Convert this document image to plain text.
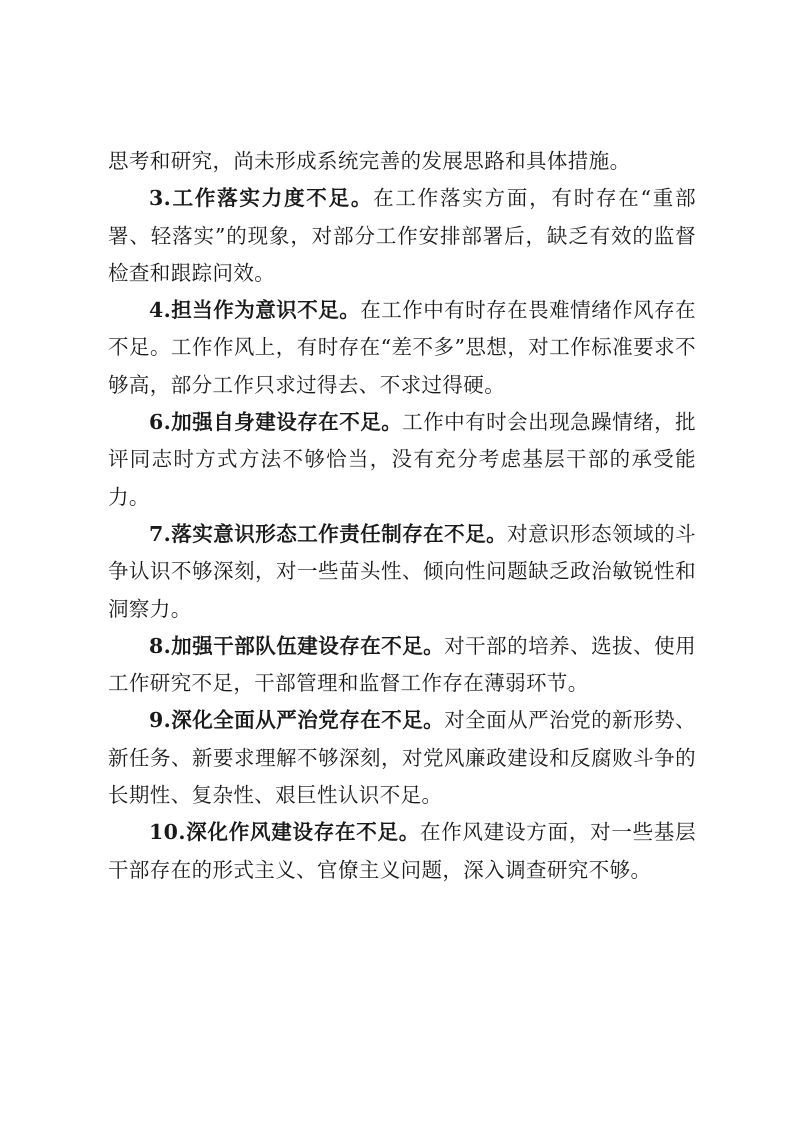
思考和研究，尚未形成系统完善的发展思路和具体措施。

3.工作落实力度不足。在工作落实方面，有时存在“重部署、轻落实”的现象，对部分工作安排部署后，缺乏有效的监督检查和跟踪问效。

4.担当作为意识不足。在工作中有时存在畏难情绪作风存在不足。工作作风上，有时存在“差不多”思想，对工作标准要求不够高，部分工作只求过得去、不求过得硬。

6.加强自身建设存在不足。工作中有时会出现急躁情绪，批评同志时方式方法不够恰当，没有充分考虑基层干部的承受能力。

7.落实意识形态工作责任制存在不足。对意识形态领域的斗争认识不够深刻，对一些苗头性、倾向性问题缺乏政治敏锐性和洞察力。

8.加强干部队伍建设存在不足。对干部的培养、选拔、使用工作研究不足，干部管理和监督工作存在薄弱环节。

9.深化全面从严治党存在不足。对全面从严治党的新形势、新任务、新要求理解不够深刻，对党风廉政建设和反腐败斗争的长期性、复杂性、艰巨性认识不足。

10.深化作风建设存在不足。在作风建设方面，对一些基层干部存在的形式主义、官僚主义问题，深入调查研究不够。
